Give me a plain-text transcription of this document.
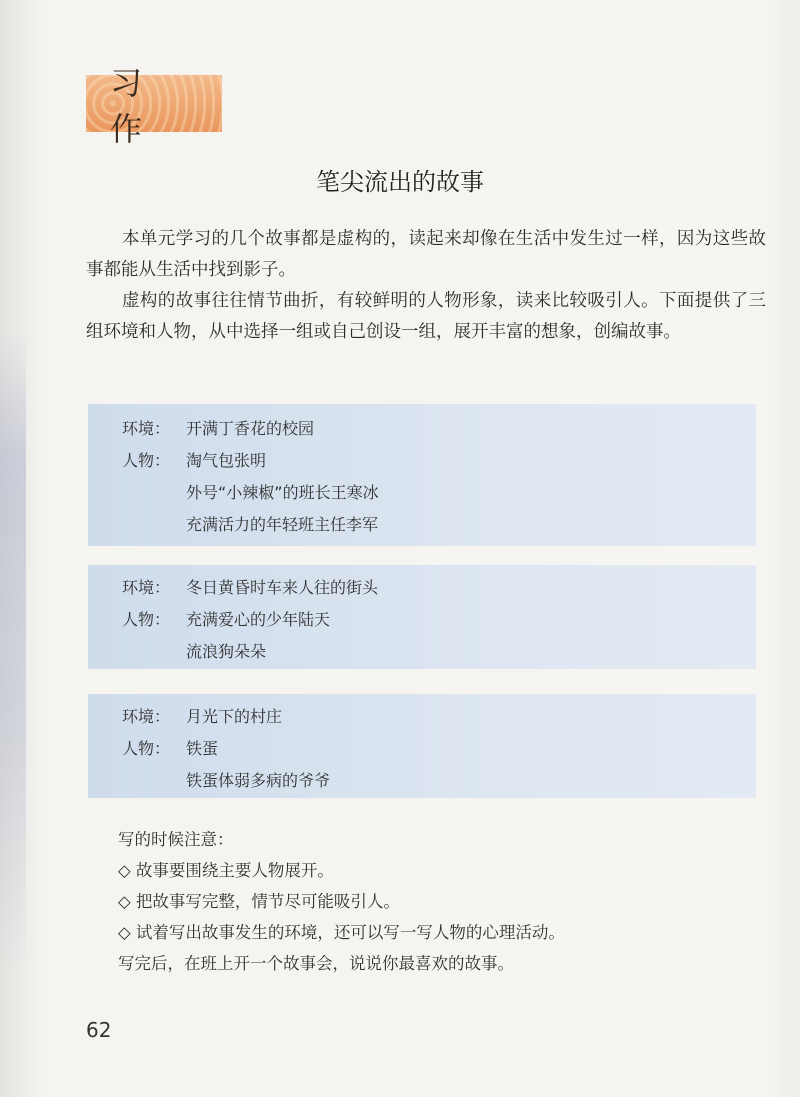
习 作
笔尖流出的故事
本单元学习的几个故事都是虚构的，读起来却像在生活中发生过一样，因为这些故事都能从生活中找到影子。
虚构的故事往往情节曲折，有较鲜明的人物形象，读来比较吸引人。下面提供了三组环境和人物，从中选择一组或自己创设一组，展开丰富的想象，创编故事。
环境： 开满丁香花的校园
人物： 淘气包张明
外号“小辣椒”的班长王寒冰
充满活力的年轻班主任李军
环境： 冬日黄昏时车来人往的街头
人物： 充满爱心的少年陆天
流浪狗朵朵
环境： 月光下的村庄
人物： 铁蛋
铁蛋体弱多病的爷爷
写的时候注意：
◇ 故事要围绕主要人物展开。
◇ 把故事写完整，情节尽可能吸引人。
◇ 试着写出故事发生的环境，还可以写一写人物的心理活动。
写完后，在班上开一个故事会，说说你最喜欢的故事。
62
